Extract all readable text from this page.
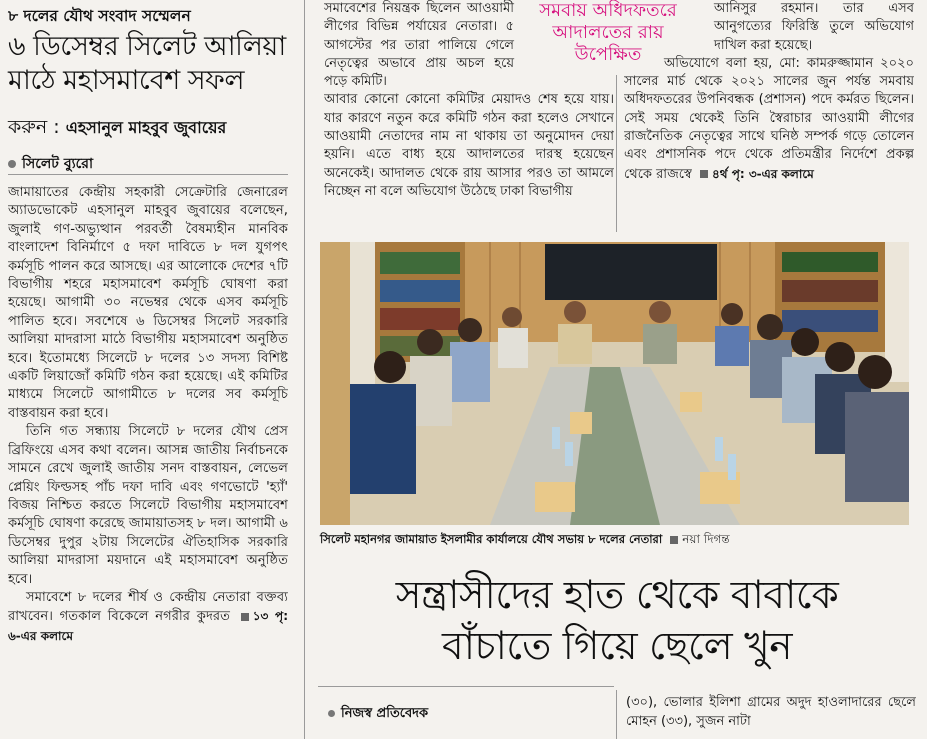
৮ দলের যৌথ সংবাদ সম্মেলন
৬ ডিসেম্বর সিলেট আলিয়া
মাঠে মহাসমাবেশ সফল
করুন : এহসানুল মাহবুব জুবায়ের
সিলেট ব্যুরো

জামায়াতের কেন্দ্রীয় সহকারী সেক্রেটারি জেনারেল অ্যাডভোকেট এহসানুল মাহবুব জুবায়ের বলেছেন, জুলাই গণ-অভ্যুত্থান পরবর্তী বৈষম্যহীন মানবিক বাংলাদেশ বিনির্মাণে ৫ দফা দাবিতে ৮ দল যুগপৎ কর্মসূচি পালন করে আসছে। এর আলোকে দেশের ৭টি বিভাগীয় শহরে মহাসমাবেশ কর্মসূচি ঘোষণা করা হয়েছে। আগামী ৩০ নভেম্বর থেকে এসব কর্মসূচি পালিত হবে। সবশেষে ৬ ডিসেম্বর সিলেট সরকারি আলিয়া মাদরাসা মাঠে বিভাগীয় মহাসমাবেশ অনুষ্ঠিত হবে। ইতোমধ্যে সিলেটে ৮ দলের ১৩ সদস্য বিশিষ্ট একটি লিয়াজোঁ কমিটি গঠন করা হয়েছে। এই কমিটির মাধ্যমে সিলেটে আগামীতে ৮ দলের সব কর্মসূচি বাস্তবায়ন করা হবে।

তিনি গত সন্ধ্যায় সিলেটে ৮ দলের যৌথ প্রেস ব্রিফিংয়ে এসব কথা বলেন। আসন্ন জাতীয় নির্বাচনকে সামনে রেখে জুলাই জাতীয় সনদ বাস্তবায়ন, লেভেল প্লেয়িং ফিল্ডসহ পাঁচ দফা দাবি এবং গণভোটে 'হ্যাঁ' বিজয় নিশ্চিত করতে সিলেটে বিভাগীয় মহাসমাবেশ কর্মসূচি ঘোষণা করেছে জামায়াতসহ ৮ দল। আগামী ৬ ডিসেম্বর দুপুর ২টায় সিলেটের ঐতিহাসিক সরকারি আলিয়া মাদরাসা ময়দানে এই মহাসমাবেশ অনুষ্ঠিত হবে।

সমাবেশে ৮ দলের শীর্ষ ও কেন্দ্রীয় নেতারা বক্তব্য রাখবেন। গতকাল বিকেলে নগরীর কুদরত ১৩ পৃ: ৬-এর কলামে

সমাবেশের নিয়ন্ত্রক ছিলেন আওয়ামী লীগের বিভিন্ন পর্যায়ের নেতারা। ৫ আগস্টের পর তারা পালিয়ে গেলে নেতৃত্বের অভাবে প্রায় অচল হয়ে পড়ে কমিটি।

আবার কোনো কোনো কমিটির মেয়াদও শেষ হয়ে যায়। যার কারণে নতুন করে কমিটি গঠন করা হলেও সেখানে আওয়ামী নেতাদের নাম না থাকায় তা অনুমোদন দেয়া হয়নি। এতে বাধ্য হয়ে আদালতের দারস্থ হয়েছেন অনেকেই। আদালত থেকে রায় আসার পরও তা আমলে নিচ্ছেন না বলে অভিযোগ উঠেছে ঢাকা বিভাগীয়

সমবায় অধিদফতরে
আদালতের রায়
উপেক্ষিত

আনিসুর রহমান। তার এসব আনুগত্যের ফিরিস্তি তুলে অভিযোগ দাখিল করা হয়েছে।

অভিযোগে বলা হয়, মো: কামরুজ্জামান ২০২০ সালের মার্চ থেকে ২০২১ সালের জুন পর্যন্ত সমবায় অধিদফতরের উপনিবন্ধক (প্রশাসন) পদে কর্মরত ছিলেন। সেই সময় থেকেই তিনি স্বৈরাচার আওয়ামী লীগের রাজনৈতিক নেতৃত্বের সাথে ঘনিষ্ঠ সম্পর্ক গড়ে তোলেন এবং প্রশাসনিক পদে থেকে প্রতিমন্ত্রীর নির্দেশে প্রকল্প থেকে রাজস্বে ৪র্থ পৃ: ৩-এর কলামে

সিলেট মহানগর জামায়াত ইসলামীর কার্যালয়ে যৌথ সভায় ৮ দলের নেতারা নয়া দিগন্ত
সন্ত্রাসীদের হাত থেকে বাবাকে
বাঁচাতে গিয়ে ছেলে খুন
নিজস্ব প্রতিবেদক

(৩০), ভোলার ইলিশা গ্রামের অদুদ হাওলাদারের ছেলে মোহন (৩৩), সুজন নাটা
